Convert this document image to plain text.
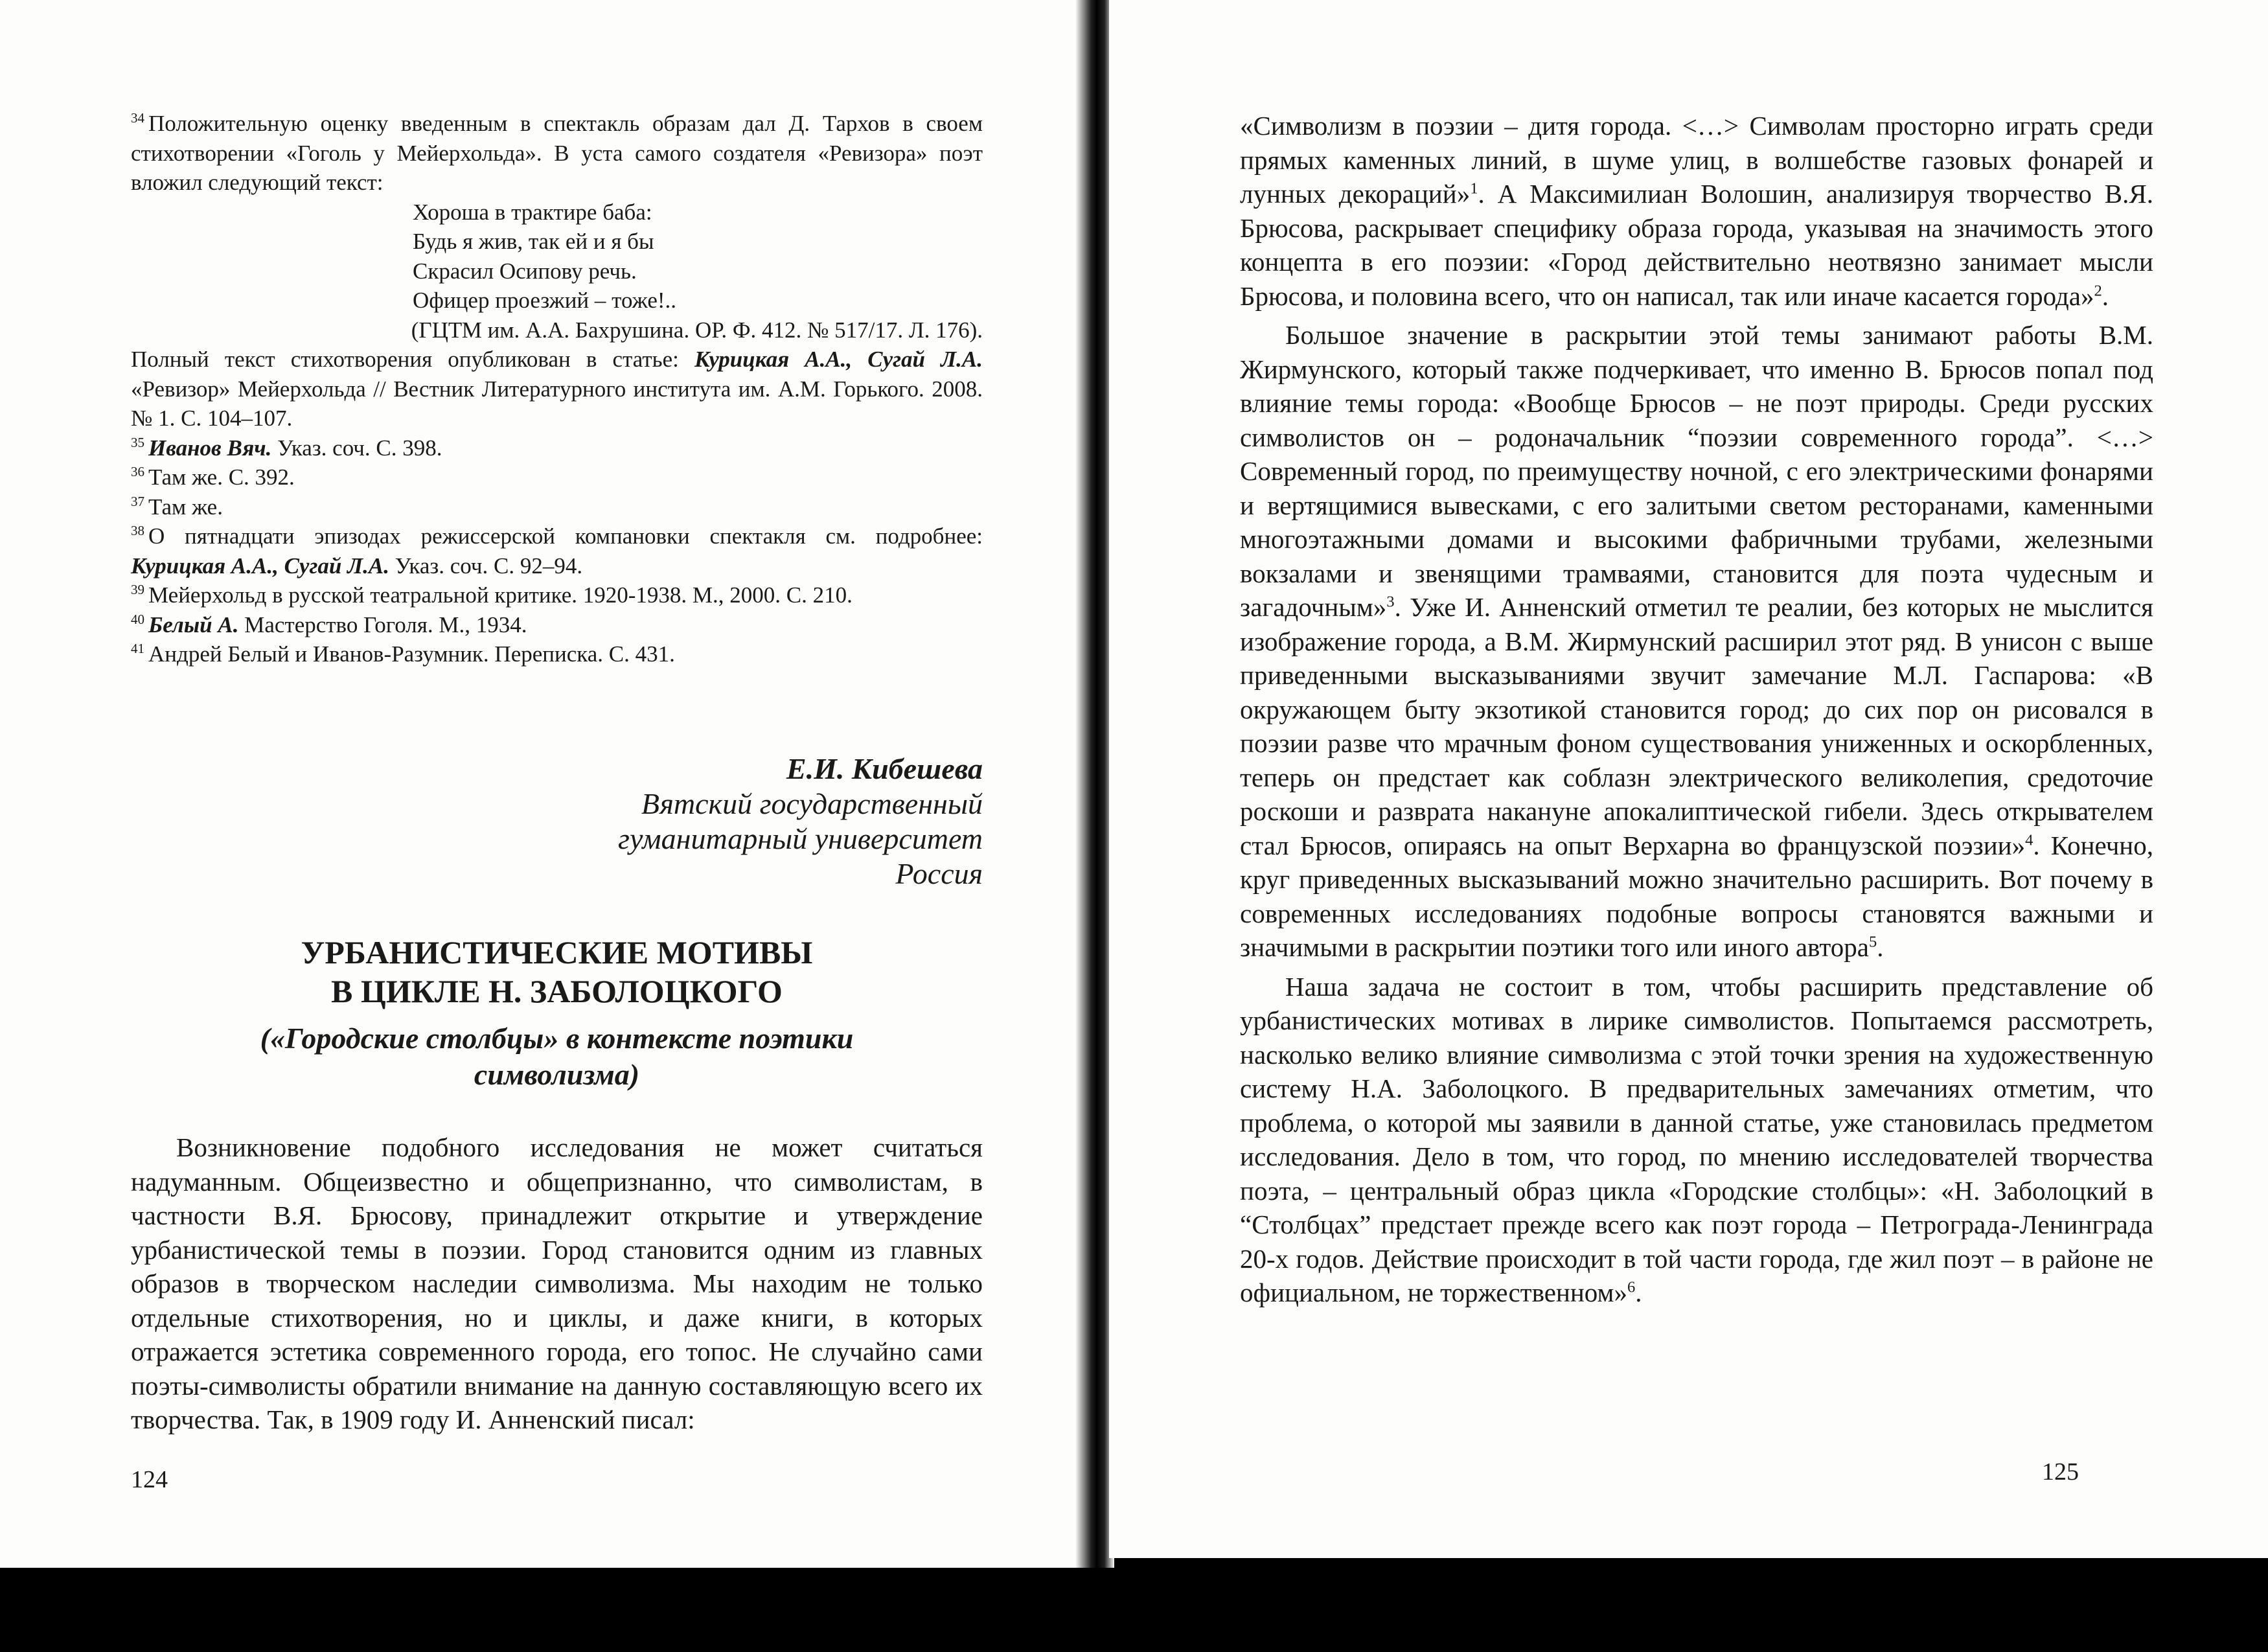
$^{34}$ Положительную оценку введенным в спектакль образам дал Д. Тархов в своем стихотворении «Гоголь у Мейерхольда». В уста самого создателя «Ревизора» поэт вложил следующий текст:

Хороша в трактире баба:
Будь я жив, так ей и я бы
Скрасил Осипову речь.
Офицер проезжий – тоже!..

(ГЦТМ им. А.А. Бахрушина. ОР. Ф. 412. № 517/17. Л. 176).

Полный текст стихотворения опубликован в статье: Курицкая А.А., Сугай Л.А. «Ревизор» Мейерхольда // Вестник Литературного института им. А.М. Горького. 2008. № 1. С. 104–107.

$^{35}$ Иванов Вяч. Указ. соч. С. 398.

$^{36}$ Там же. С. 392.

$^{37}$ Там же.

$^{38}$ О пятнадцати эпизодах режиссерской компановки спектакля см. подробнее: Курицкая А.А., Сугай Л.А. Указ. соч. С. 92–94.

$^{39}$ Мейерхольд в русской театральной критике. 1920-1938. М., 2000. С. 210.

$^{40}$ Белый А. Мастерство Гоголя. М., 1934.

$^{41}$ Андрей Белый и Иванов-Разумник. Переписка. С. 431.

Е.И. Кибешева
Вятский государственный
гуманитарный университет
Россия
УРБАНИСТИЧЕСКИЕ МОТИВЫ
В ЦИКЛЕ Н. ЗАБОЛОЦКОГО
(«Городские столбцы» в контексте поэтики
символизма)

Возникновение подобного исследования не может считаться надуманным. Общеизвестно и общепризнанно, что символистам, в частности В.Я. Брюсову, принадлежит открытие и утверждение урбанистической темы в поэзии. Город становится одним из главных образов в творческом наследии символизма. Мы находим не только отдельные стихотворения, но и циклы, и даже книги, в которых отражается эстетика современного города, его топос. Не случайно сами поэты-символисты обратили внимание на данную составляющую всего их творчества. Так, в 1909 году И. Анненский писал:

124

«Символизм в поэзии – дитя города. <…> Символам просторно играть среди прямых каменных линий, в шуме улиц, в волшебстве газовых фонарей и лунных декораций»$^1$. А Максимилиан Волошин, анализируя творчество В.Я. Брюсова, раскрывает специфику образа города, указывая на значимость этого концепта в его поэзии: «Город действительно неотвязно занимает мысли Брюсова, и половина всего, что он написал, так или иначе касается города»$^2$.

Большое значение в раскрытии этой темы занимают работы В.М. Жирмунского, который также подчеркивает, что именно В. Брюсов попал под влияние темы города: «Вообще Брюсов – не поэт природы. Среди русских символистов он – родоначальник “поэзии современного города”. <…> Современный город, по преимуществу ночной, с его электрическими фонарями и вертящимися вывесками, с его залитыми светом ресторанами, каменными многоэтажными домами и высокими фабричными трубами, железными вокзалами и звенящими трамваями, становится для поэта чудесным и загадочным»$^3$. Уже И. Анненский отметил те реалии, без которых не мыслится изображение города, а В.М. Жирмунский расширил этот ряд. В унисон с выше приведенными высказываниями звучит замечание М.Л. Гаспарова: «В окружающем быту экзотикой становится город; до сих пор он рисовался в поэзии разве что мрачным фоном существования униженных и оскорбленных, теперь он предстает как соблазн электрического великолепия, средоточие роскоши и разврата накануне апокалиптической гибели. Здесь открывателем стал Брюсов, опираясь на опыт Верхарна во французской поэзии»$^4$. Конечно, круг приведенных высказываний можно значительно расширить. Вот почему в современных исследованиях подобные вопросы становятся важными и значимыми в раскрытии поэтики того или иного автора$^5$.

Наша задача не состоит в том, чтобы расширить представление об урбанистических мотивах в лирике символистов. Попытаемся рассмотреть, насколько велико влияние символизма с этой точки зрения на художественную систему Н.А. Заболоцкого. В предварительных замечаниях отметим, что проблема, о которой мы заявили в данной статье, уже становилась предметом исследования. Дело в том, что город, по мнению исследователей творчества поэта, – центральный образ цикла «Городские столбцы»: «Н. Заболоцкий в “Столбцах” предстает прежде всего как поэт города – Петрограда-Ленинграда 20-х годов. Действие происходит в той части города, где жил поэт – в районе не официальном, не торжественном»$^6$.

125
